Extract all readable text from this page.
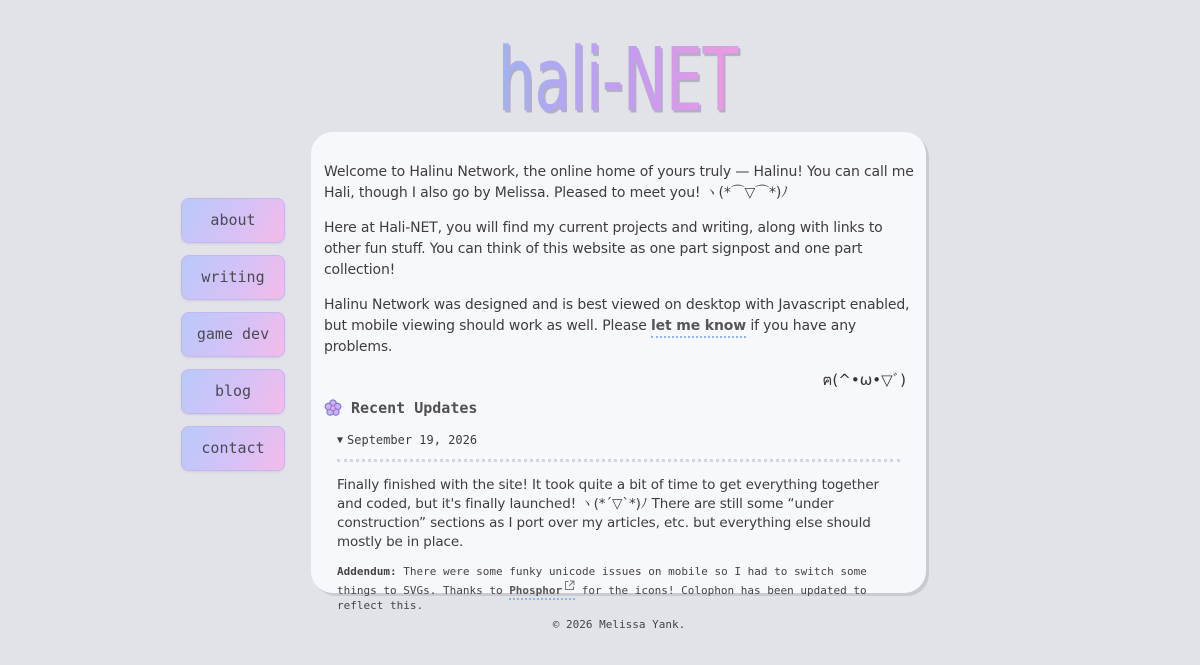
hali-NET
about
writing
game dev
blog
contact

Welcome to Halinu Network, the online home of yours truly — Halinu! You can call me Hali, though I also go by Melissa. Pleased to meet you! ヽ(*⌒▽⌒*)ﾉ

Here at Hali-NET, you will find my current projects and writing, along with links to other fun stuff. You can think of this website as one part signpost and one part collection!

Halinu Network was designed and is best viewed on desktop with Javascript enabled, but mobile viewing should work as well. Please let me know if you have any problems.

ฅ(^•ω•▽ﾞ)
Recent Updates
▼ September 19, 2026
Finally finished with the site! It took quite a bit of time to get everything together and coded, but it's finally launched! ヽ(*´▽`*)ﾉ There are still some “under construction” sections as I port over my articles, etc. but everything else should mostly be in place.
Addendum: There were some funky unicode issues on mobile so I had to switch some things to SVGs. Thanks to Phosphor for the icons! Colophon has been updated to reflect this.
© 2026 Melissa Yank.
